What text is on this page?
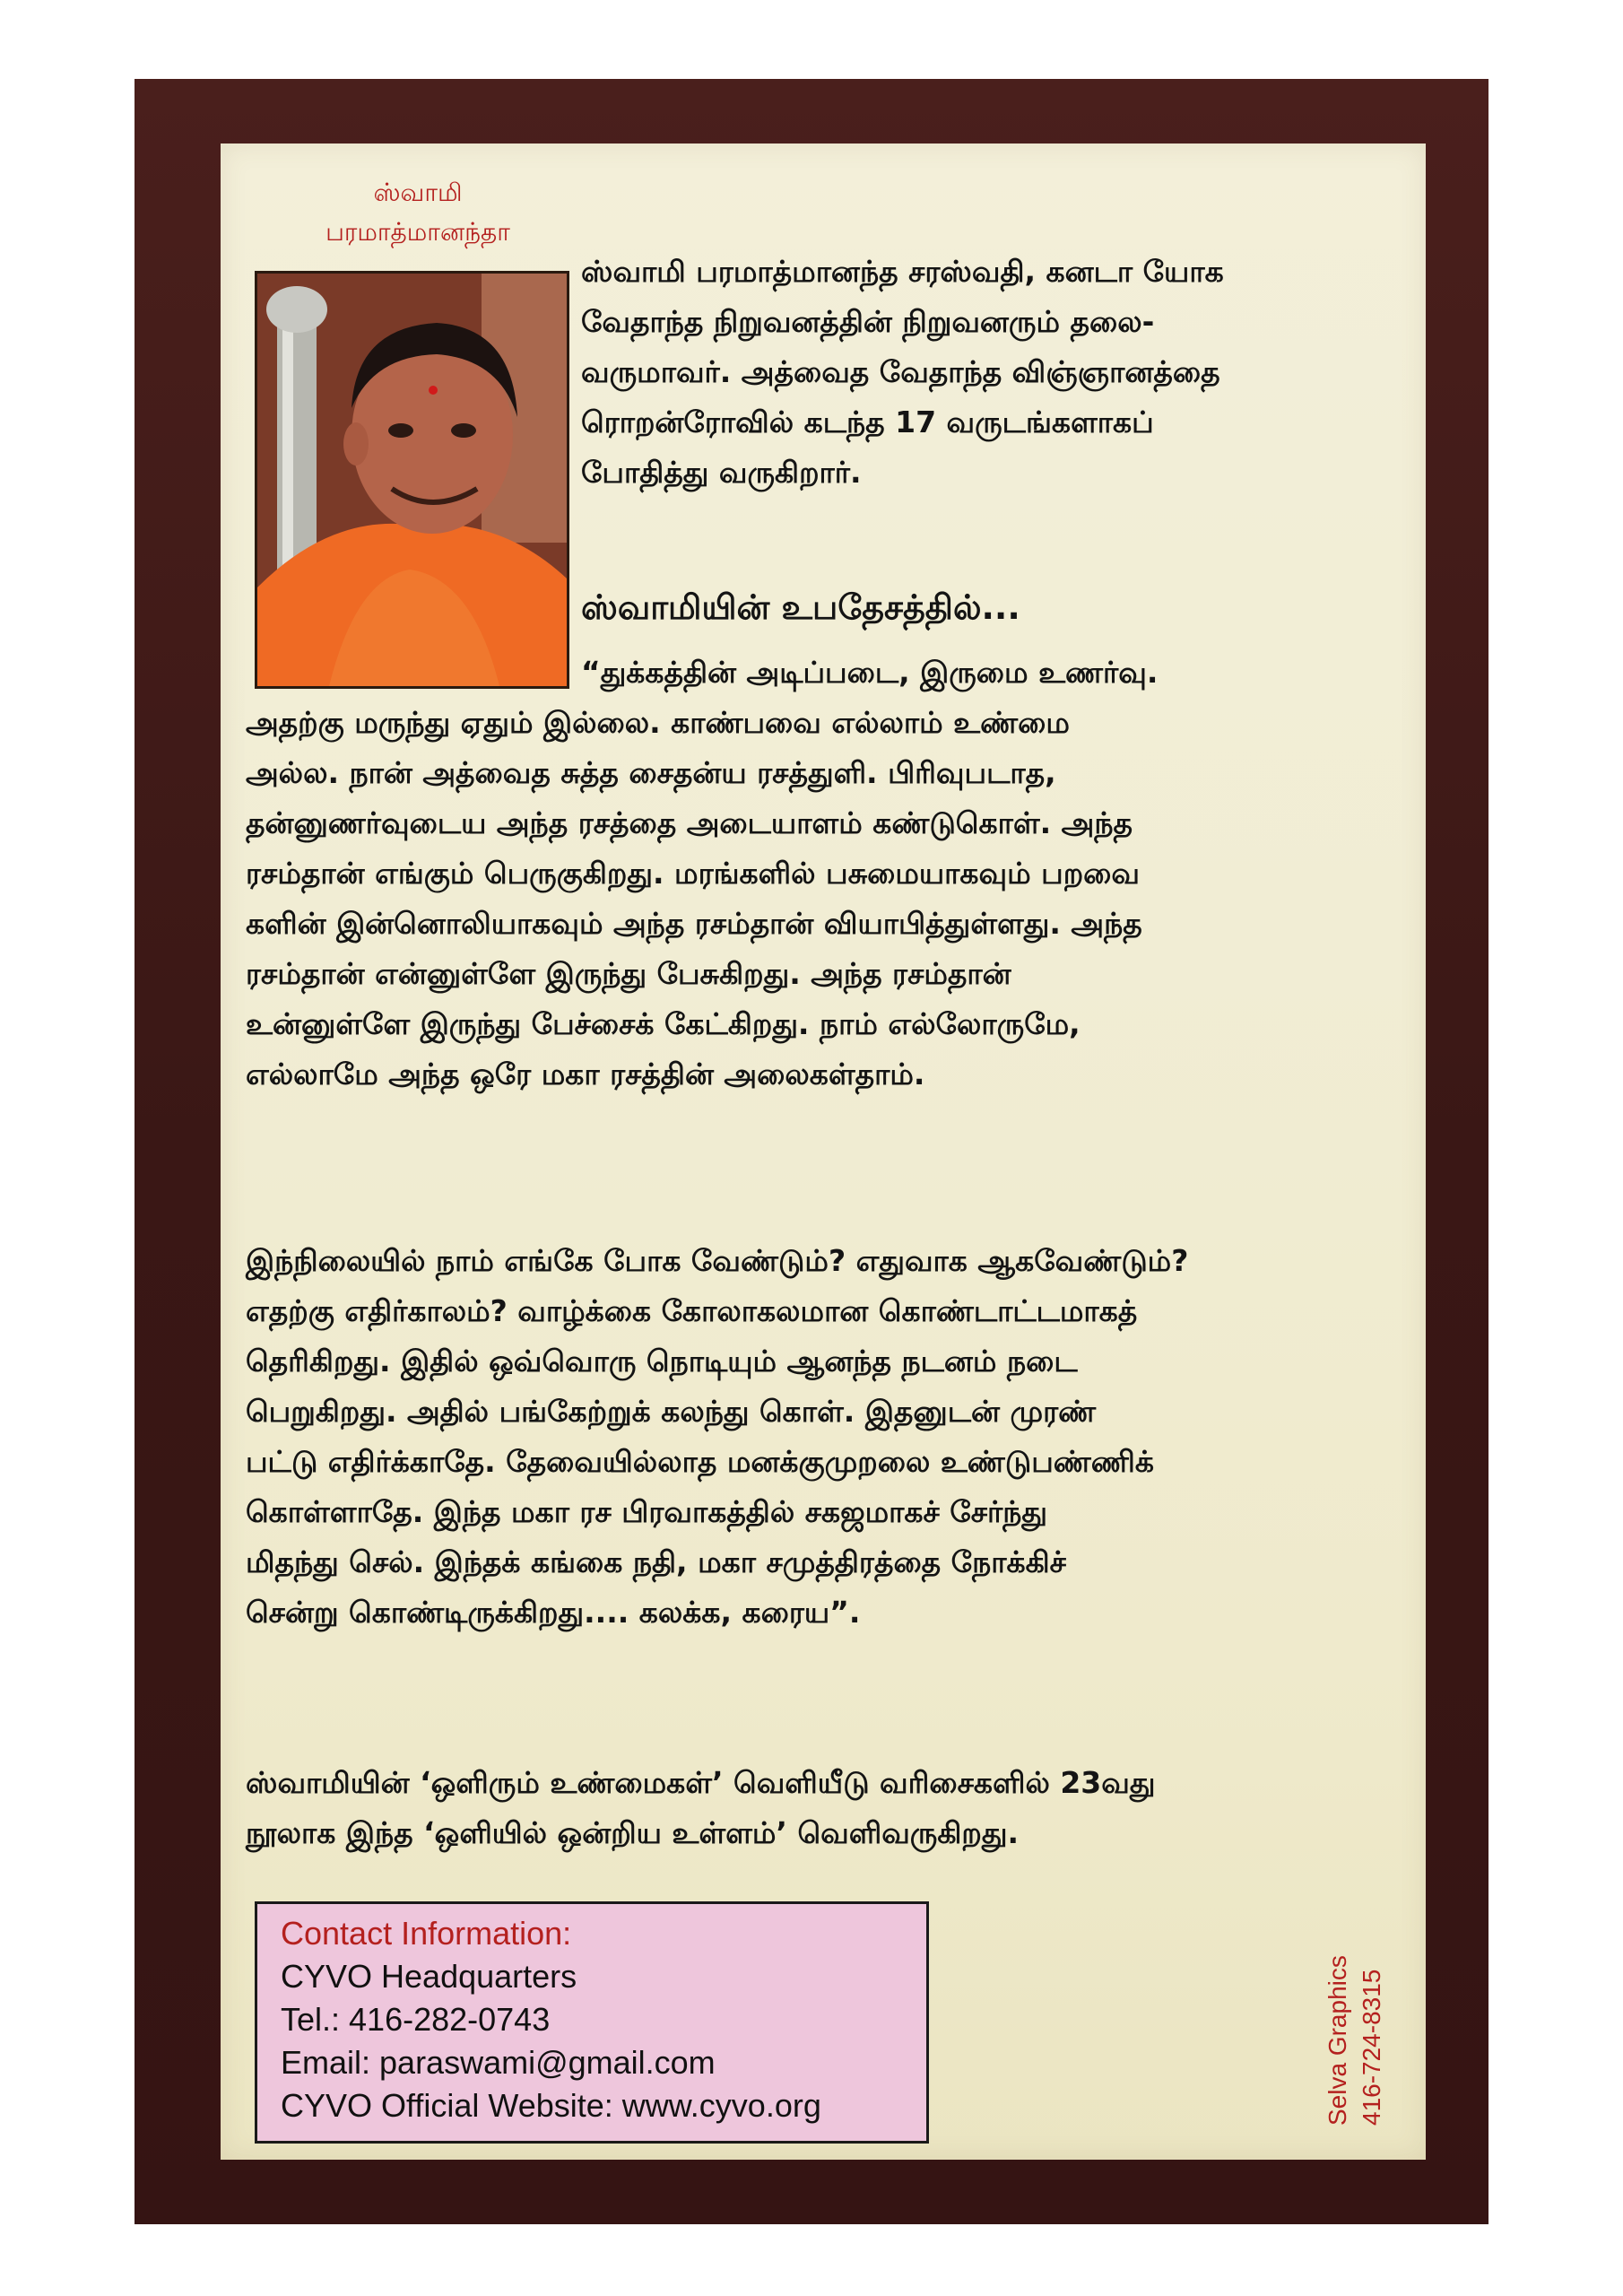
ஸ்வாமி
பரமாத்மானந்தா
ஸ்வாமி பரமாத்மானந்த சரஸ்வதி, கனடா யோக
வேதாந்த நிறுவனத்தின் நிறுவனரும் தலை-
வருமாவர். அத்வைத வேதாந்த விஞ்ஞானத்தை
ரொறன்ரோவில் கடந்த 17 வருடங்களாகப்
போதித்து வருகிறார்.
ஸ்வாமியின் உபதேசத்தில்...
“துக்கத்தின் அடிப்படை, இருமை உணர்வு.
அதற்கு மருந்து ஏதும் இல்லை. காண்பவை எல்லாம் உண்மை
அல்ல. நான் அத்வைத சுத்த சைதன்ய ரசத்துளி. பிரிவுபடாத,
தன்னுணர்வுடைய அந்த ரசத்தை அடையாளம் கண்டுகொள். அந்த
ரசம்தான் எங்கும் பெருகுகிறது. மரங்களில் பசுமையாகவும் பறவை
களின் இன்னொலியாகவும் அந்த ரசம்தான் வியாபித்துள்ளது. அந்த
ரசம்தான் என்னுள்ளே இருந்து பேசுகிறது. அந்த ரசம்தான்
உன்னுள்ளே இருந்து பேச்சைக் கேட்கிறது. நாம் எல்லோருமே,
எல்லாமே அந்த ஒரே மகா ரசத்தின் அலைகள்தாம்.
இந்நிலையில் நாம் எங்கே போக வேண்டும்? எதுவாக ஆகவேண்டும்?
எதற்கு எதிர்காலம்? வாழ்க்கை கோலாகலமான கொண்டாட்டமாகத்
தெரிகிறது. இதில் ஒவ்வொரு நொடியும் ஆனந்த நடனம் நடை
பெறுகிறது. அதில் பங்கேற்றுக் கலந்து கொள். இதனுடன் முரண்
பட்டு எதிர்க்காதே. தேவையில்லாத மனக்குமுறலை உண்டுபண்ணிக்
கொள்ளாதே. இந்த மகா ரச பிரவாகத்தில் சகஜமாகச் சேர்ந்து
மிதந்து செல். இந்தக் கங்கை நதி, மகா சமுத்திரத்தை நோக்கிச்
சென்று கொண்டிருக்கிறது.... கலக்க, கரைய”.
ஸ்வாமியின் ‘ஒளிரும் உண்மைகள்’ வெளியீடு வரிசைகளில் 23வது
நூலாக இந்த ‘ஒளியில் ஒன்றிய உள்ளம்’ வெளிவருகிறது.
Contact Information:
CYVO Headquarters
Tel.: 416-282-0743
Email: paraswami@gmail.com
CYVO Official Website: www.cyvo.org	Selva Graphics 416-724-8315
